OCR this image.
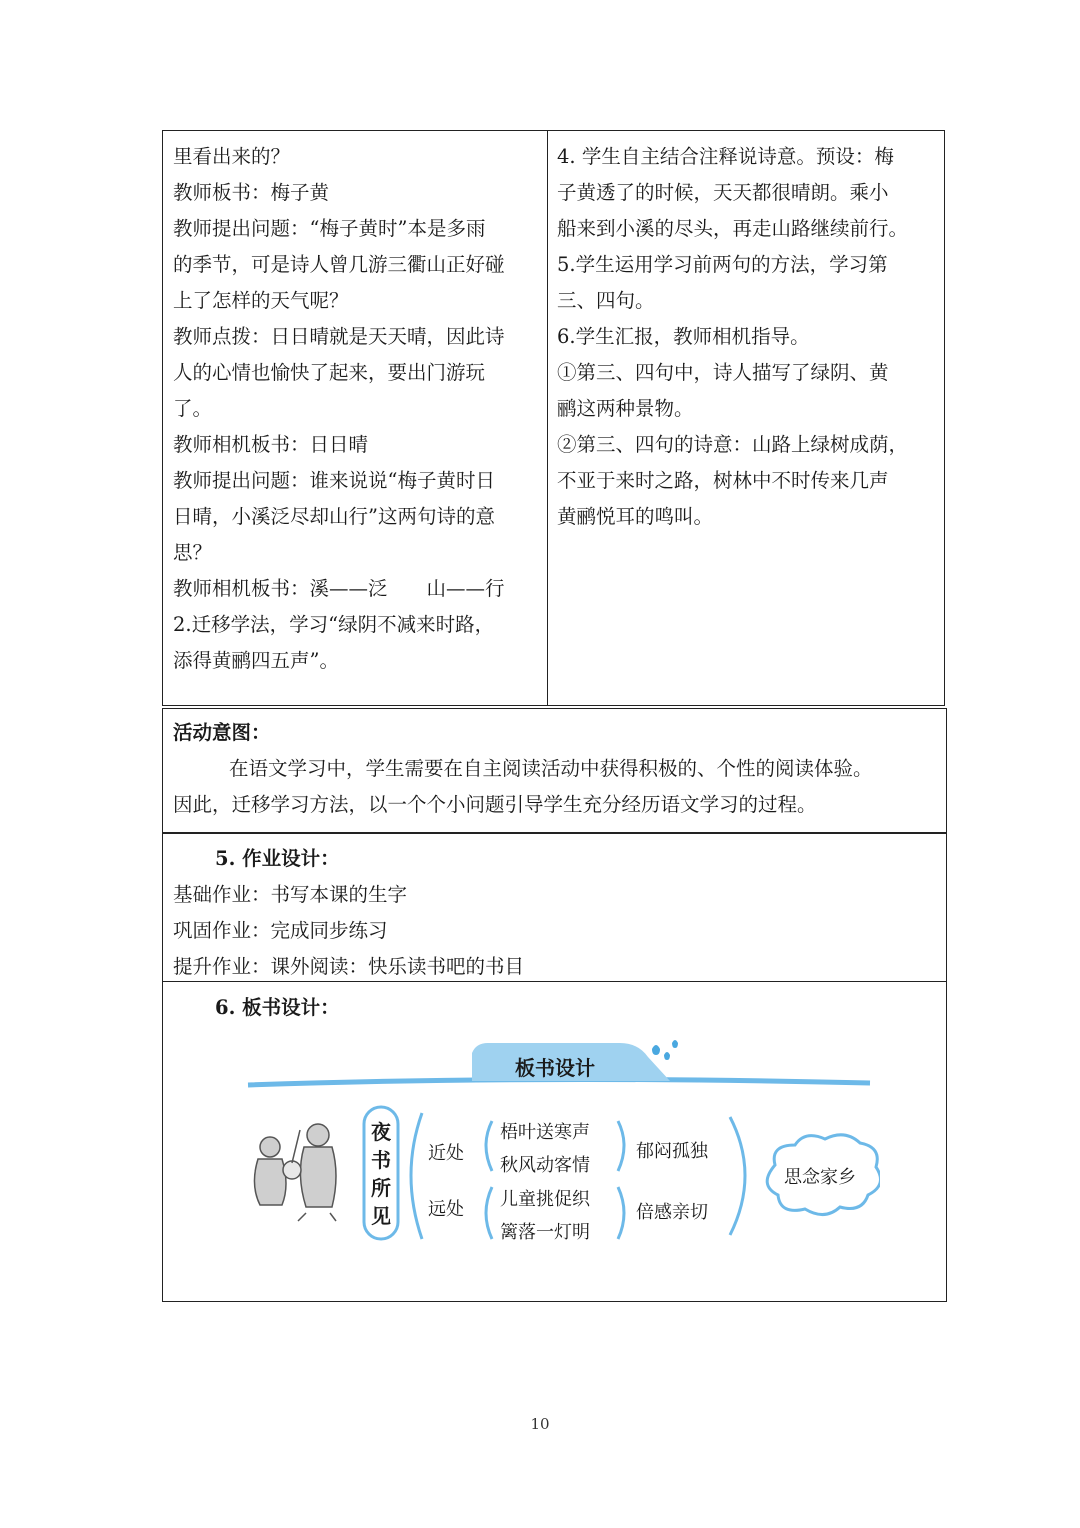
里看出来的？

教师板书：梅子黄

教师提出问题：“梅子黄时”本是多雨

的季节，可是诗人曾几游三衢山正好碰

上了怎样的天气呢？

教师点拨：日日晴就是天天晴，因此诗

人的心情也愉快了起来，要出门游玩

了。

教师相机板书：日日晴

教师提出问题：谁来说说“梅子黄时日

日晴，小溪泛尽却山行”这两句诗的意

思？

教师相机板书：溪——泛　　山——行

2.迁移学法，学习“绿阴不减来时路，

添得黄鹂四五声”。

4. 学生自主结合注释说诗意。预设：梅

子黄透了的时候，天天都很晴朗。乘小

船来到小溪的尽头，再走山路继续前行。

5.学生运用学习前两句的方法，学习第

三、四句。

6.学生汇报，教师相机指导。

①第三、四句中，诗人描写了绿阴、黄

鹂这两种景物。

②第三、四句的诗意：山路上绿树成荫，

不亚于来时之路，树林中不时传来几声

黄鹂悦耳的鸣叫。

活动意图：

在语文学习中，学生需要在自主阅读活动中获得积极的、个性的阅读体验。

因此，迁移学习方法，以一个个小问题引导学生充分经历语文学习的过程。

5. 作业设计：

基础作业：书写本课的生字

巩固作业：完成同步练习

提升作业：课外阅读：快乐读书吧的书目

6. 板书设计：

板书设计
夜
书
所
见
近处
远处
梧叶送寒声
秋风动客情
儿童挑促织
篱落一灯明
郁闷孤独
倍感亲切
思念家乡
10
